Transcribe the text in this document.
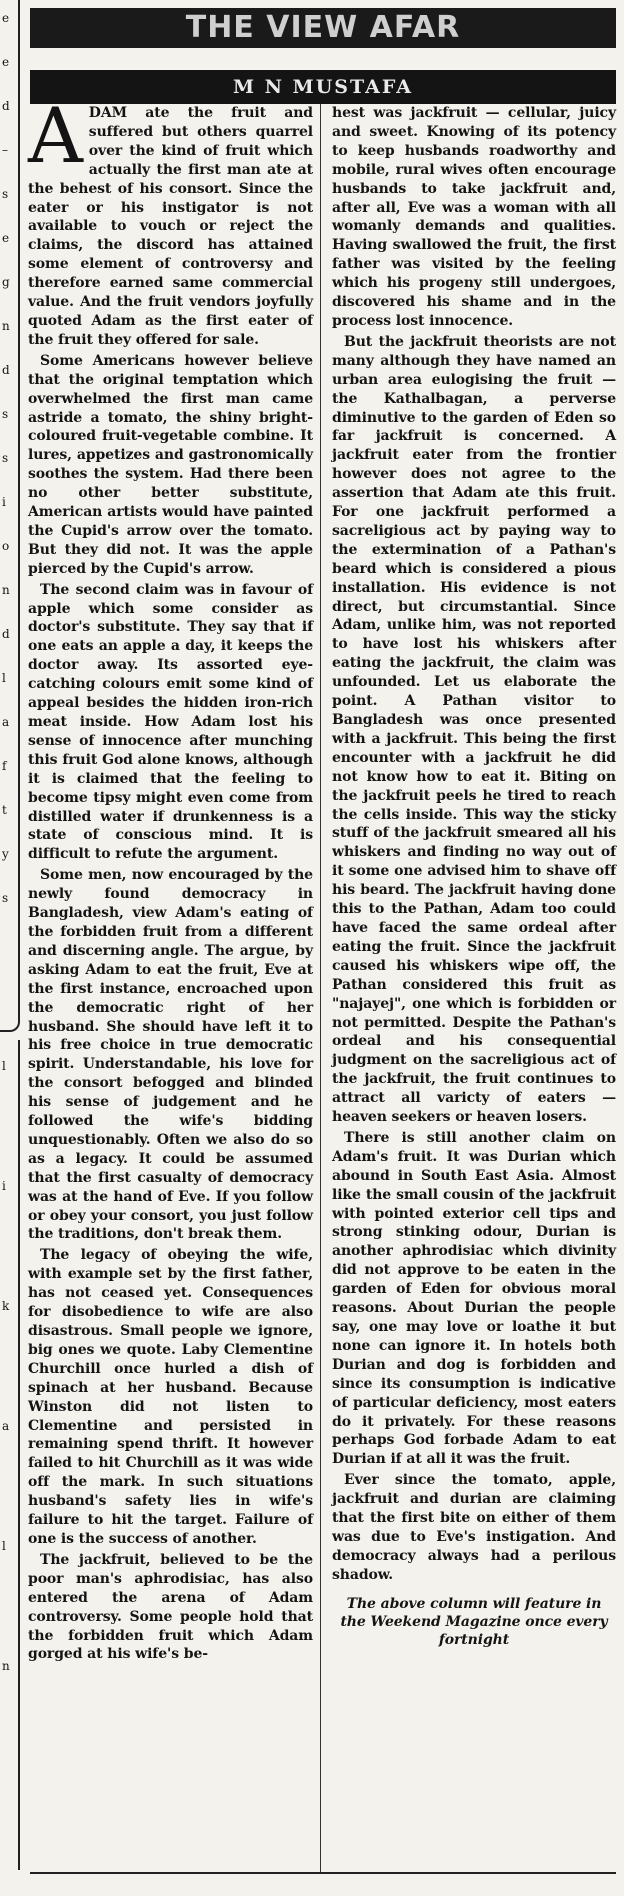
e
e
d
–
s
e
g
n
d
s
s
i
o
n
d
l
a
f
t
y
s
l
i
k
a
l
n
THE VIEW AFAR
M N MUSTAFA

ADAM ate the fruit and suffered but others quarrel over the kind of fruit which actually the first man ate at the behest of his consort. Since the eater or his instigator is not available to vouch or reject the claims, the discord has attained some element of controversy and therefore earned same commercial value. And the fruit vendors joyfully quoted Adam as the first eater of the fruit they offered for sale.

Some Americans however believe that the original temptation which overwhelmed the first man came astride a tomato, the shiny bright-coloured fruit-vegetable combine. It lures, appetizes and gastronomically soothes the system. Had there been no other better substitute, American artists would have painted the Cupid's arrow over the tomato. But they did not. It was the apple pierced by the Cupid's arrow.

The second claim was in favour of apple which some consider as doctor's substitute. They say that if one eats an apple a day, it keeps the doctor away. Its assorted eye-catching colours emit some kind of appeal besides the hidden iron-rich meat inside. How Adam lost his sense of innocence after munching this fruit God alone knows, although it is claimed that the feeling to become tipsy might even come from distilled water if drunkenness is a state of conscious mind. It is difficult to refute the argument.

Some men, now encouraged by the newly found democracy in Bangladesh, view Adam's eating of the forbidden fruit from a different and discerning angle. The argue, by asking Adam to eat the fruit, Eve at the first instance, encroached upon the democratic right of her husband. She should have left it to his free choice in true democratic spirit. Understandable, his love for the consort befogged and blinded his sense of judgement and he followed the wife's bidding unquestionably. Often we also do so as a legacy. It could be assumed that the first casualty of democracy was at the hand of Eve. If you follow or obey your consort, you just follow the traditions, don't break them.

The legacy of obeying the wife, with example set by the first father, has not ceased yet. Consequences for disobedience to wife are also disastrous. Small people we ignore, big ones we quote. Laby Clementine Churchill once hurled a dish of spinach at her husband. Because Winston did not listen to Clementine and persisted in remaining spend thrift. It however failed to hit Churchill as it was wide off the mark. In such situations husband's safety lies in wife's failure to hit the target. Failure of one is the success of another.

The jackfruit, believed to be the poor man's aphrodisiac, has also entered the arena of Adam controversy. Some people hold that the forbidden fruit which Adam gorged at his wife's be-

hest was jackfruit — cellular, juicy and sweet. Knowing of its potency to keep husbands roadworthy and mobile, rural wives often encourage husbands to take jackfruit and, after all, Eve was a woman with all womanly demands and qualities. Having swallowed the fruit, the first father was visited by the feeling which his progeny still undergoes, discovered his shame and in the process lost innocence.

But the jackfruit theorists are not many although they have named an urban area eulogising the fruit — the Kathalbagan, a perverse diminutive to the garden of Eden so far jackfruit is concerned. A jackfruit eater from the frontier however does not agree to the assertion that Adam ate this fruit. For one jackfruit performed a sacreligious act by paying way to the extermination of a Pathan's beard which is considered a pious installation. His evidence is not direct, but circumstantial. Since Adam, unlike him, was not reported to have lost his whiskers after eating the jackfruit, the claim was unfounded. Let us elaborate the point. A Pathan visitor to Bangladesh was once presented with a jackfruit. This being the first encounter with a jackfruit he did not know how to eat it. Biting on the jackfruit peels he tired to reach the cells inside. This way the sticky stuff of the jackfruit smeared all his whiskers and finding no way out of it some one advised him to shave off his beard. The jackfruit having done this to the Pathan, Adam too could have faced the same ordeal after eating the fruit. Since the jackfruit caused his whiskers wipe off, the Pathan considered this fruit as "najayej", one which is forbidden or not permitted. Despite the Pathan's ordeal and his consequential judgment on the sacreligious act of the jackfruit, the fruit continues to attract all varicty of eaters — heaven seekers or heaven losers.

There is still another claim on Adam's fruit. It was Durian which abound in South East Asia. Almost like the small cousin of the jackfruit with pointed exterior cell tips and strong stinking odour, Durian is another aphrodisiac which divinity did not approve to be eaten in the garden of Eden for obvious moral reasons. About Durian the people say, one may love or loathe it but none can ignore it. In hotels both Durian and dog is forbidden and since its consumption is indicative of particular deficiency, most eaters do it privately. For these reasons perhaps God forbade Adam to eat Durian if at all it was the fruit.

Ever since the tomato, apple, jackfruit and durian are claiming that the first bite on either of them was due to Eve's instigation. And democracy always had a perilous shadow.

The above column will feature in the Weekend Magazine once every fortnight
